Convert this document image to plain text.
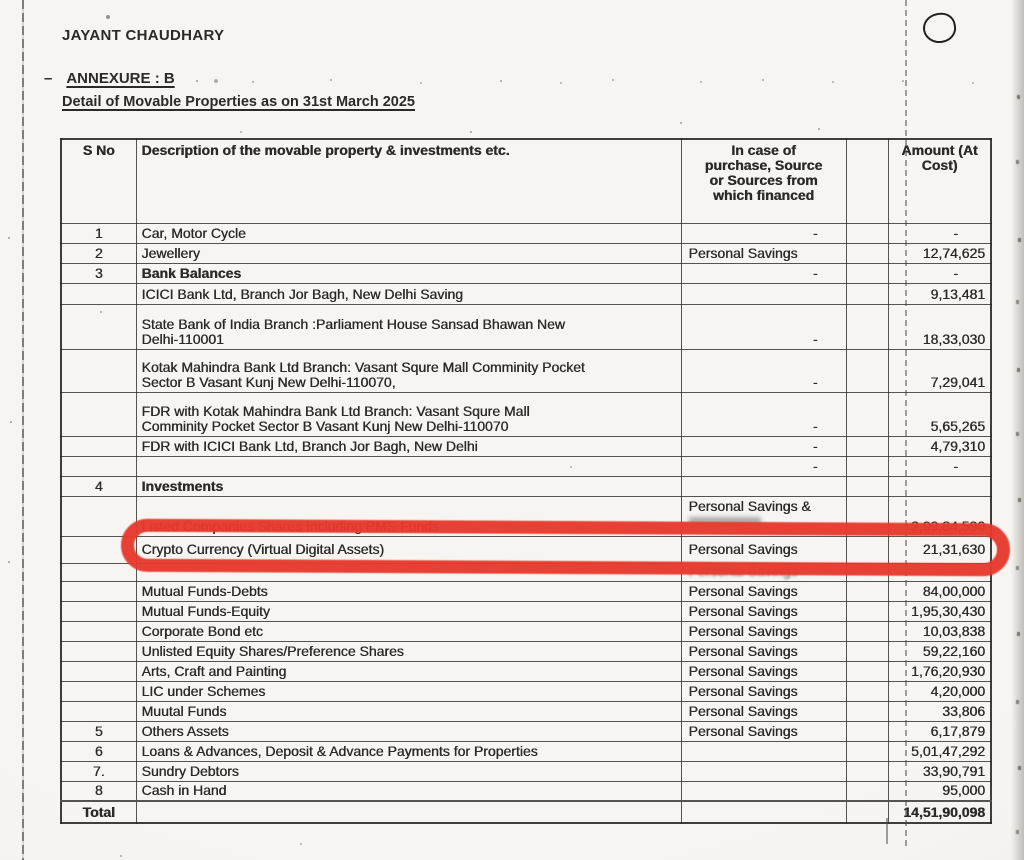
JAYANT CHAUDHARY
– ANNEXURE : B
Detail of Movable Properties as on 31st March 2025
S No	Description of the movable property & investments etc.	In case of
purchase, Source
or Sources from
which financed		Amount (At
Cost)

1	Car, Motor Cycle	-		-
2	Jewellery	Personal Savings		12,74,625
3	Bank Balances	-		-
	ICICI Bank Ltd, Branch Jor Bagh, New Delhi Saving			9,13,481
	State Bank of India Branch :Parliament House Sansad Bhawan New
Delhi-110001	-		18,33,030
	Kotak Mahindra Bank Ltd Branch: Vasant Squre Mall Comminity Pocket
Sector B Vasant Kunj New Delhi-110070,	-		7,29,041
	FDR with Kotak Mahindra Bank Ltd Branch: Vasant Squre Mall
Comminity Pocket Sector B Vasant Kunj New Delhi-110070	-		5,65,265
	FDR with ICICI Bank Ltd, Branch Jor Bagh, New Delhi	-		4,79,310
		-		-
4	Investments			
	Listed Companies Shares Including PMS Funds	Personal Savings &		2,99,84,590
	Crypto Currency (Virtual Digital Assets)	Personal Savings		21,31,630
		Personal Savings		
	Mutual Funds-Debts	Personal Savings		84,00,000
	Mutual Funds-Equity	Personal Savings		1,95,30,430
	Corporate Bond etc	Personal Savings		10,03,838
	Unlisted Equity Shares/Preference Shares	Personal Savings		59,22,160
	Arts, Craft and Painting	Personal Savings		1,76,20,930
	LIC under Schemes	Personal Savings		4,20,000
	Muutal Funds	Personal Savings		33,806
5	Others Assets	Personal Savings		6,17,879
6	Loans & Advances, Deposit & Advance Payments for Properties			5,01,47,292
7.	Sundry Debtors			33,90,791
8	Cash in Hand			95,000
Total				14,51,90,098
